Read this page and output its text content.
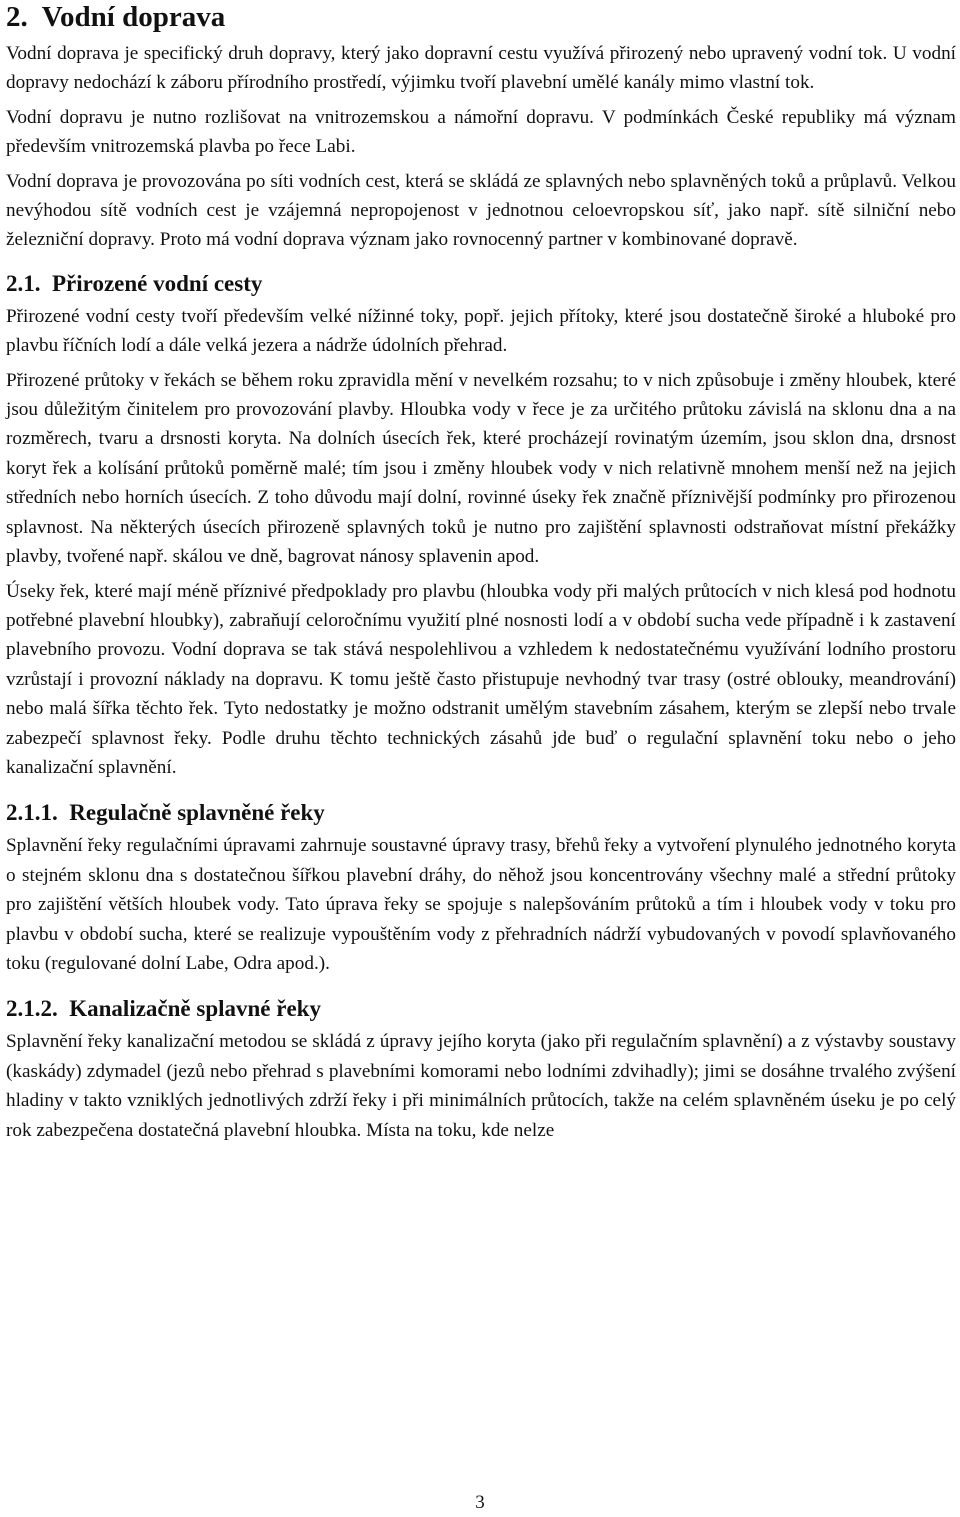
2. Vodní doprava

Vodní doprava je specifický druh dopravy, který jako dopravní cestu využívá přirozený nebo upravený vodní tok. U vodní dopravy nedochází k záboru přírodního prostředí, výjimku tvoří plavební umělé kanály mimo vlastní tok.

Vodní dopravu je nutno rozlišovat na vnitrozemskou a námořní dopravu. V podmínkách České republiky má význam především vnitrozemská plavba po řece Labi.

Vodní doprava je provozována po síti vodních cest, která se skládá ze splavných nebo splavněných toků a průplavů. Velkou nevýhodou sítě vodních cest je vzájemná nepropojenost v jednotnou celoevropskou síť, jako např. sítě silniční nebo železniční dopravy. Proto má vodní doprava význam jako rovnocenný partner v kombinované dopravě.

2.1. Přirozené vodní cesty

Přirozené vodní cesty tvoří především velké nížinné toky, popř. jejich přítoky, které jsou dostatečně široké a hluboké pro plavbu říčních lodí a dále velká jezera a nádrže údolních přehrad.

Přirozené průtoky v řekách se během roku zpravidla mění v nevelkém rozsahu; to v nich způsobuje i změny hloubek, které jsou důležitým činitelem pro provozování plavby. Hloubka vody v řece je za určitého průtoku závislá na sklonu dna a na rozměrech, tvaru a drsnosti koryta. Na dolních úsecích řek, které procházejí rovinatým územím, jsou sklon dna, drsnost koryt řek a kolísání průtoků poměrně malé; tím jsou i změny hloubek vody v nich relativně mnohem menší než na jejich středních nebo horních úsecích. Z toho důvodu mají dolní, rovinné úseky řek značně příznivější podmínky pro přirozenou splavnost. Na některých úsecích přirozeně splavných toků je nutno pro zajištění splavnosti odstraňovat místní překážky plavby, tvořené např. skálou ve dně, bagrovat nánosy splavenin apod.

Úseky řek, které mají méně příznivé předpoklady pro plavbu (hloubka vody při malých průtocích v nich klesá pod hodnotu potřebné plavební hloubky), zabraňují celoročnímu využití plné nosnosti lodí a v období sucha vede případně i k zastavení plavebního provozu. Vodní doprava se tak stává nespolehlivou a vzhledem k nedostatečnému využívání lodního prostoru vzrůstají i provozní náklady na dopravu. K tomu ještě často přistupuje nevhodný tvar trasy (ostré oblouky, meandrování) nebo malá šířka těchto řek. Tyto nedostatky je možno odstranit umělým stavebním zásahem, kterým se zlepší nebo trvale zabezpečí splavnost řeky. Podle druhu těchto technických zásahů jde buď o regulační splavnění toku nebo o jeho kanalizační splavnění.

2.1.1. Regulačně splavněné řeky

Splavnění řeky regulačními úpravami zahrnuje soustavné úpravy trasy, břehů řeky a vytvoření plynulého jednotného koryta o stejném sklonu dna s dostatečnou šířkou plavební dráhy, do něhož jsou koncentrovány všechny malé a střední průtoky pro zajištění větších hloubek vody. Tato úprava řeky se spojuje s nalepšováním průtoků a tím i hloubek vody v toku pro plavbu v období sucha, které se realizuje vypouštěním vody z přehradních nádrží vybudovaných v povodí splavňovaného toku (regulované dolní Labe, Odra apod.).

2.1.2. Kanalizačně splavné řeky

Splavnění řeky kanalizační metodou se skládá z úpravy jejího koryta (jako při regulačním splavnění) a z výstavby soustavy (kaskády) zdymadel (jezů nebo přehrad s plavebními komorami nebo lodními zdvihadly); jimi se dosáhne trvalého zvýšení hladiny v takto vzniklých jednotlivých zdrží řeky i při minimálních průtocích, takže na celém splavněném úseku je po celý rok zabezpečena dostatečná plavební hloubka. Místa na toku, kde nelze

3
